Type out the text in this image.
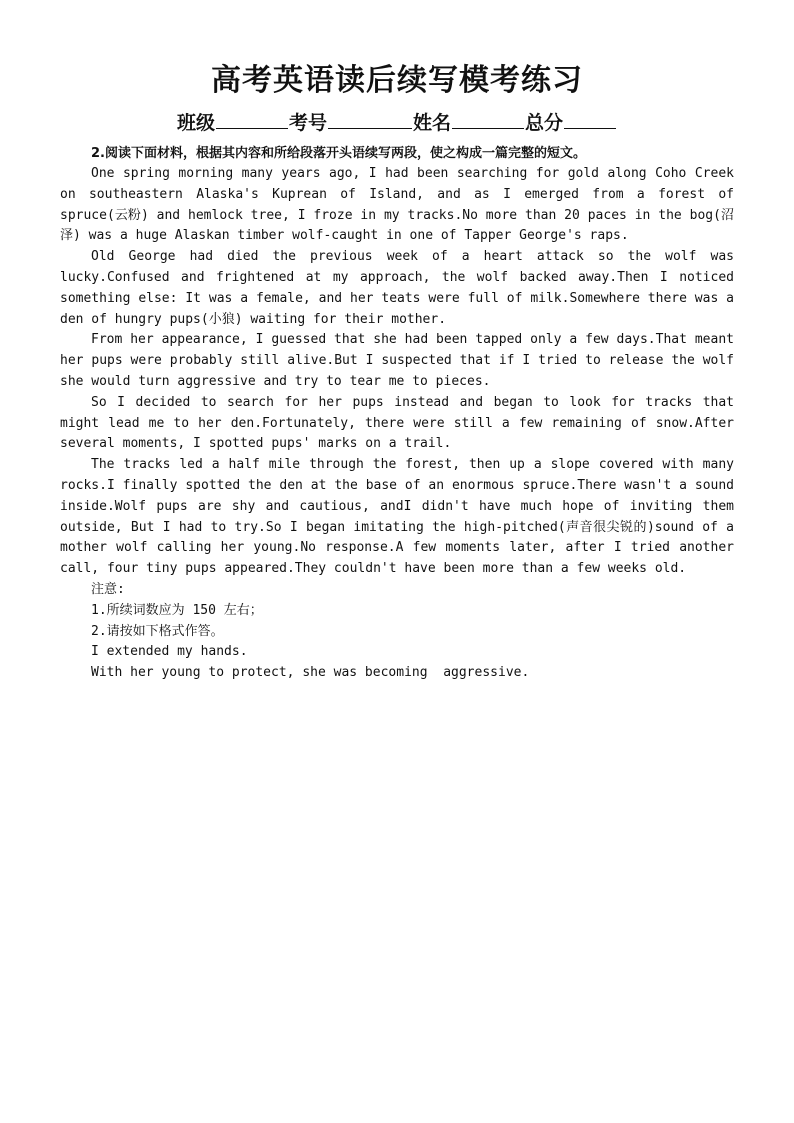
高考英语读后续写模考练习
班级	考号	姓名	总分
2.阅读下面材料，根据其内容和所给段落开头语续写两段，使之构成一篇完整的短文。

One spring morning many years ago, I had been searching for gold along Coho Creek on southeastern Alaska's Kuprean of Island, and as I emerged from a forest of spruce(云粉) and hemlock tree, I froze in my tracks.No more than 20 paces in the bog(沼泽) was a huge Alaskan timber wolf-caught in one of Tapper George's raps.

Old George had died the previous week of a heart attack so the wolf was lucky.Confused and frightened at my approach, the wolf backed away.Then I noticed something else: It was a female, and her teats were full of milk.Somewhere there was a den of hungry pups(小狼) waiting for their mother.

From her appearance, I guessed that she had been tapped only a few days.That meant her pups were probably still alive.But I suspected that if I tried to release the wolf she would turn aggressive and try to tear me to pieces.

So I decided to search for her pups instead and began to look for tracks that might lead me to her den.Fortunately, there were still a few remaining of snow.After several moments, I spotted pups' marks on a trail.

The tracks led a half mile through the forest, then up a slope covered with many rocks.I finally spotted the den at the base of an enormous spruce.There wasn't a sound inside.Wolf pups are shy and cautious, andI didn't have much hope of inviting them outside, But I had to try.So I began imitating the high-pitched(声音很尖锐的)sound of a mother wolf calling her young.No response.A few moments later, after I tried another call, four tiny pups appeared.They couldn't have been more than a few weeks old.

注意:
1.所续词数应为 150 左右；
2.请按如下格式作答。
I extended my hands.
With her young to protect, she was becoming  aggressive.
